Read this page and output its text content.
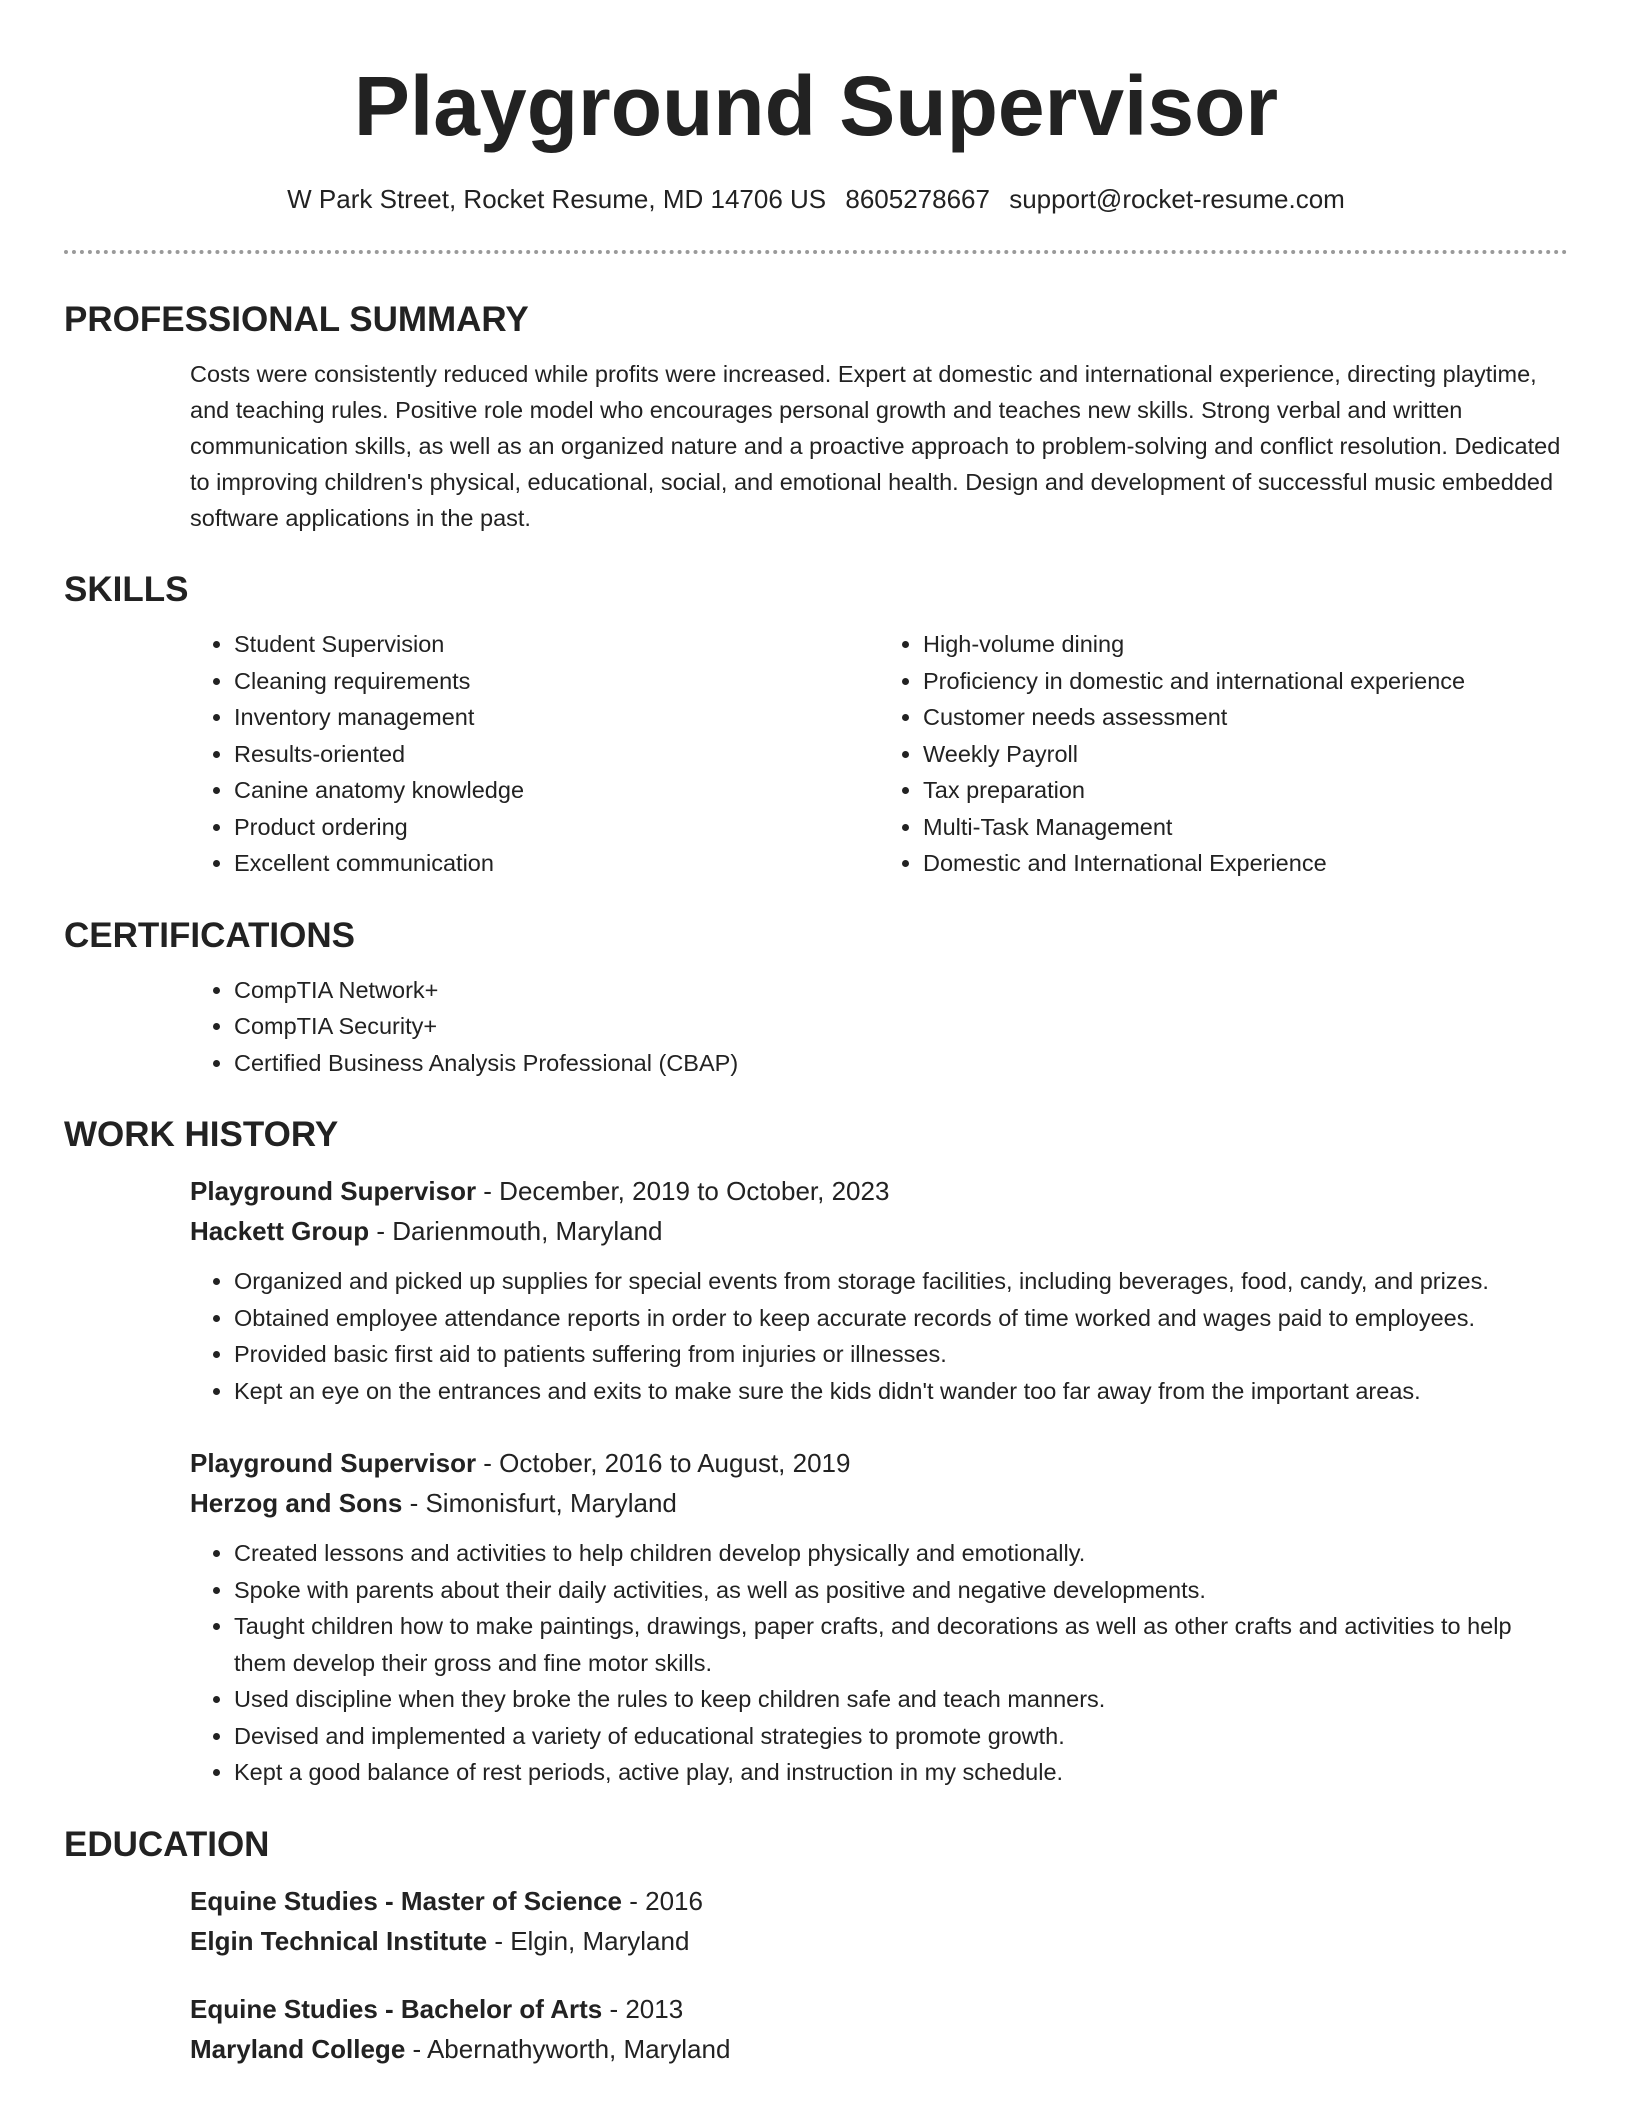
Playground Supervisor
W Park Street, Rocket Resume, MD 14706 US 8605278667 support@rocket-resume.com
PROFESSIONAL SUMMARY

Costs were consistently reduced while profits were increased. Expert at domestic and international experience, directing playtime, and teaching rules. Positive role model who encourages personal growth and teaches new skills. Strong verbal and written communication skills, as well as an organized nature and a proactive approach to problem-solving and conflict resolution. Dedicated to improving children's physical, educational, social, and emotional health. Design and development of successful music embedded software applications in the past.

SKILLS
• Student Supervision
• Cleaning requirements
• Inventory management
• Results-oriented
• Canine anatomy knowledge
• Product ordering
• Excellent communication
• High-volume dining
• Proficiency in domestic and international experience
• Customer needs assessment
• Weekly Payroll
• Tax preparation
• Multi-Task Management
• Domestic and International Experience
CERTIFICATIONS
• CompTIA Network+
• CompTIA Security+
• Certified Business Analysis Professional (CBAP)
WORK HISTORY
Playground Supervisor - December, 2019 to October, 2023
Hackett Group - Darienmouth, Maryland
• Organized and picked up supplies for special events from storage facilities, including beverages, food, candy, and prizes.
• Obtained employee attendance reports in order to keep accurate records of time worked and wages paid to employees.
• Provided basic first aid to patients suffering from injuries or illnesses.
• Kept an eye on the entrances and exits to make sure the kids didn't wander too far away from the important areas.
Playground Supervisor - October, 2016 to August, 2019
Herzog and Sons - Simonisfurt, Maryland
• Created lessons and activities to help children develop physically and emotionally.
• Spoke with parents about their daily activities, as well as positive and negative developments.
• Taught children how to make paintings, drawings, paper crafts, and decorations as well as other crafts and activities to help them develop their gross and fine motor skills.
• Used discipline when they broke the rules to keep children safe and teach manners.
• Devised and implemented a variety of educational strategies to promote growth.
• Kept a good balance of rest periods, active play, and instruction in my schedule.
EDUCATION
Equine Studies - Master of Science - 2016
Elgin Technical Institute - Elgin, Maryland
Equine Studies - Bachelor of Arts - 2013
Maryland College - Abernathyworth, Maryland
